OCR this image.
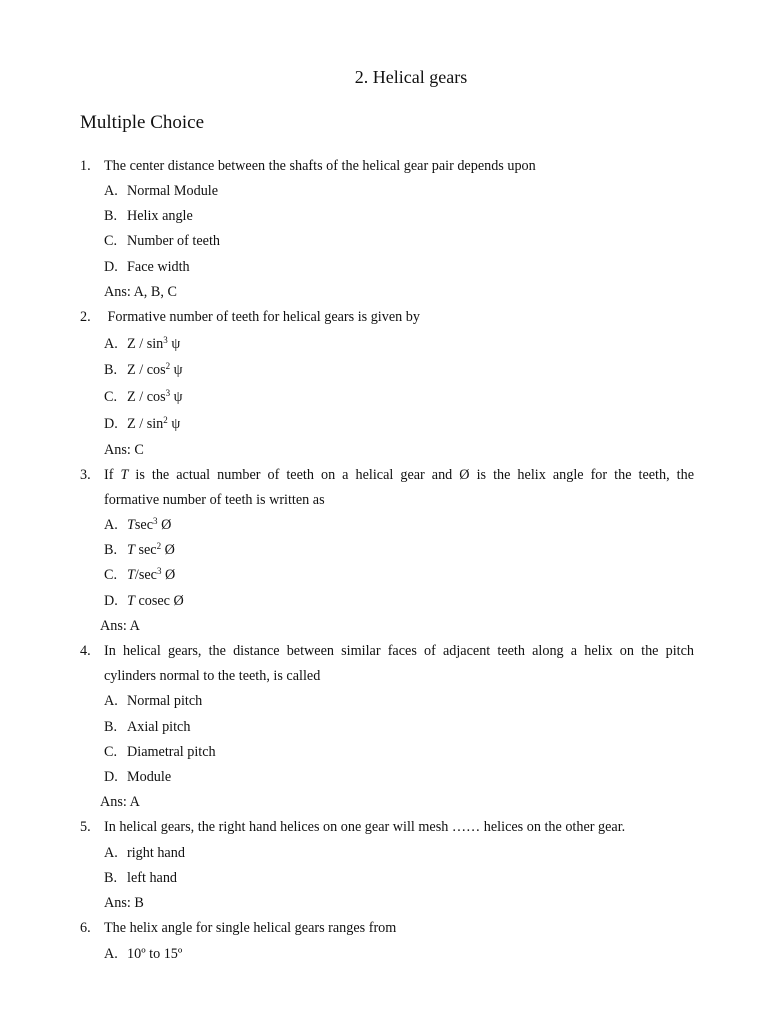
2. Helical gears
Multiple Choice
1. The center distance between the shafts of the helical gear pair depends upon
A. Normal Module
B. Helix angle
C. Number of teeth
D. Face width
Ans: A, B, C
2. Formative number of teeth for helical gears is given by
A. Z / $\sin^3 \psi$
B. Z / $\cos^2 \psi$
C. Z / $\cos^3 \psi$
D. Z / $\sin^2 \psi$
Ans: C
3. If T is the actual number of teeth on a helical gear and Ø is the helix angle for the teeth, the
formative number of teeth is written as
A. Tsec$^3$ Ø
B. T $\sec^2$ Ø
C. $T/\sec^3$ Ø
D. T cosec Ø
Ans: A
4. In helical gears, the distance between similar faces of adjacent teeth along a helix on the pitch
cylinders normal to the teeth, is called
A. Normal pitch
B. Axial pitch
C. Diametral pitch
D. Module
Ans: A
5. In helical gears, the right hand helices on one gear will mesh …… helices on the other gear.
A. right hand
B. left hand
Ans: B
6. The helix angle for single helical gears ranges from
A. 10º to 15º
